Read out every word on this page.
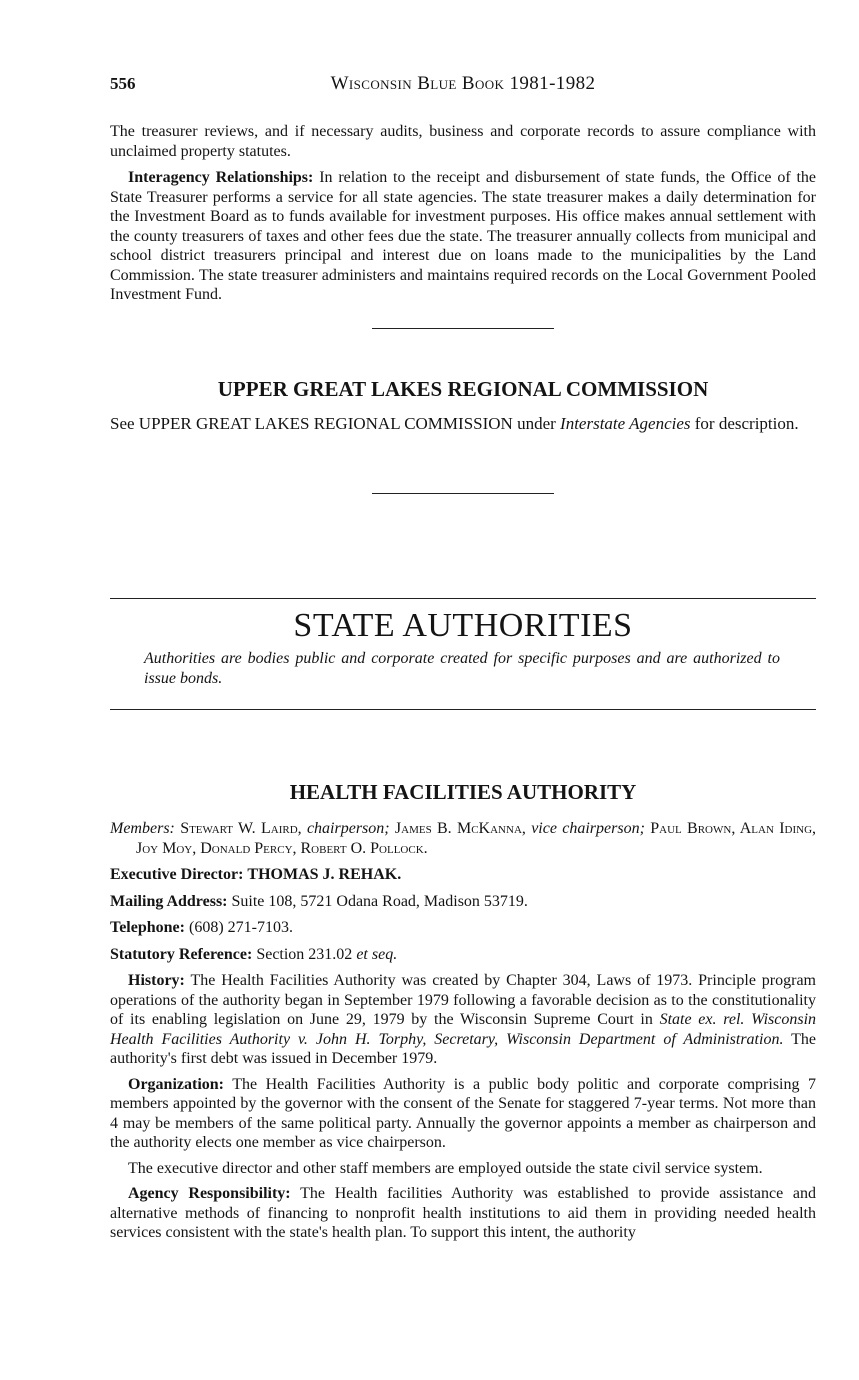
556	Wisconsin Blue Book 1981-1982

The treasurer reviews, and if necessary audits, business and corporate records to assure compliance with unclaimed property statutes.

Interagency Relationships: In relation to the receipt and disbursement of state funds, the Office of the State Treasurer performs a service for all state agencies. The state treasurer makes a daily determination for the Investment Board as to funds available for investment purposes. His office makes annual settlement with the county treasurers of taxes and other fees due the state. The treasurer annually collects from municipal and school district treasurers principal and interest due on loans made to the municipalities by the Land Commission. The state treasurer administers and maintains required records on the Local Government Pooled Investment Fund.

UPPER GREAT LAKES REGIONAL COMMISSION
See UPPER GREAT LAKES REGIONAL COMMISSION under Interstate Agencies for description.
STATE AUTHORITIES
Authorities are bodies public and corporate created for specific purposes and are authorized to issue bonds.
HEALTH FACILITIES AUTHORITY
Members: Stewart W. Laird, chairperson; James B. McKanna, vice chairperson; Paul Brown, Alan Iding, Joy Moy, Donald Percy, Robert O. Pollock.
Executive Director: THOMAS J. REHAK.
Mailing Address: Suite 108, 5721 Odana Road, Madison 53719.
Telephone: (608) 271-7103.
Statutory Reference: Section 231.02 et seq.

History: The Health Facilities Authority was created by Chapter 304, Laws of 1973. Principle program operations of the authority began in September 1979 following a favorable decision as to the constitutionality of its enabling legislation on June 29, 1979 by the Wisconsin Supreme Court in State ex. rel. Wisconsin Health Facilities Authority v. John H. Torphy, Secretary, Wisconsin Department of Administration. The authority's first debt was issued in December 1979.

Organization: The Health Facilities Authority is a public body politic and corporate comprising 7 members appointed by the governor with the consent of the Senate for staggered 7-year terms. Not more than 4 may be members of the same political party. Annually the governor appoints a member as chairperson and the authority elects one member as vice chairperson.

The executive director and other staff members are employed outside the state civil service system.

Agency Responsibility: The Health facilities Authority was established to provide assistance and alternative methods of financing to nonprofit health institutions to aid them in providing needed health services consistent with the state's health plan. To support this intent, the authority
